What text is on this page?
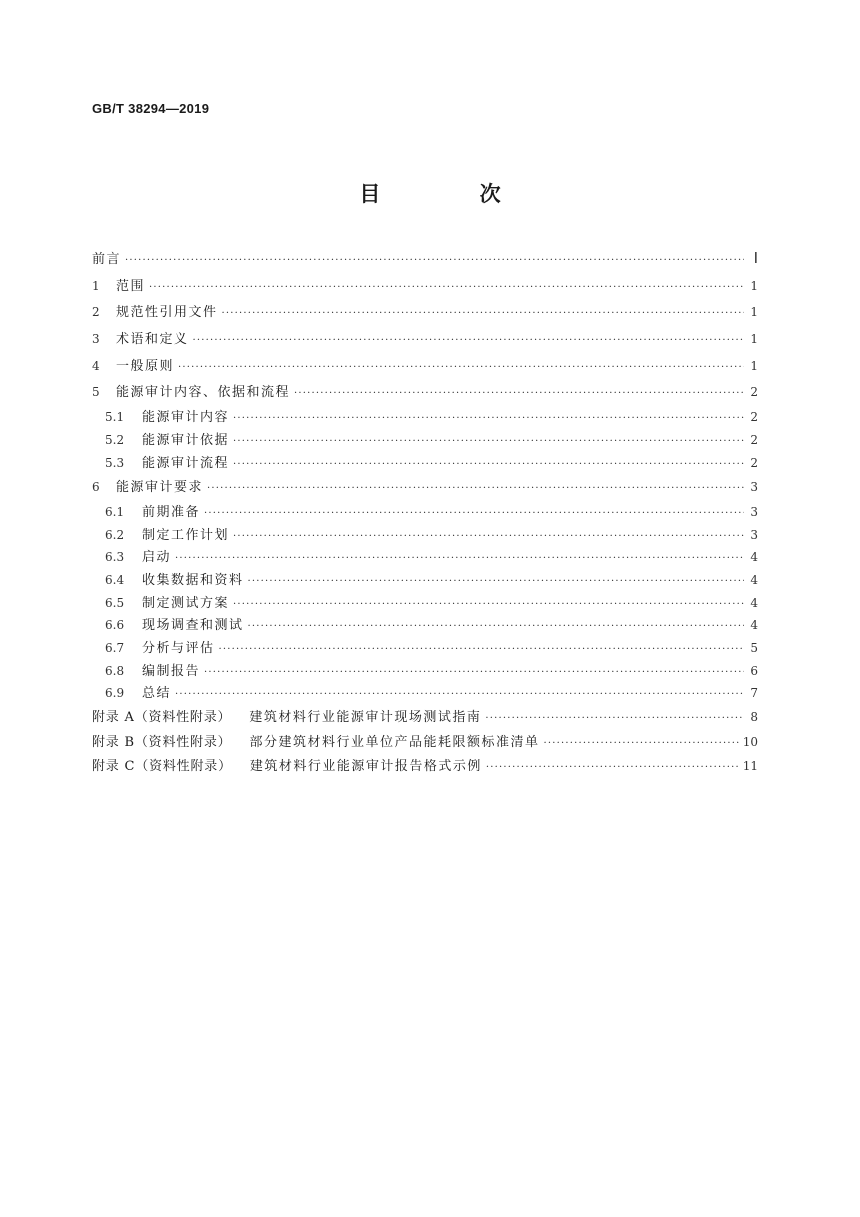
GB/T 38294—2019
目 次
前言 ·····	Ⅰ
1	范围 ·····	1
2	规范性引用文件 ·····	1
3	术语和定义 ·····	1
4	一般原则 ·····	1
5	能源审计内容、依据和流程 ·····	2
5.1	能源审计内容 ·····	2
5.2	能源审计依据 ·····	2
5.3	能源审计流程 ·····	2
6	能源审计要求 ·····	3
6.1	前期准备 ·····	3
6.2	制定工作计划 ·····	3
6.3	启动 ·····	4
6.4	收集数据和资料 ·····	4
6.5	制定测试方案 ·····	4
6.6	现场调查和测试 ·····	4
6.7	分析与评估 ·····	5
6.8	编制报告 ·····	6
6.9	总结 ·····	7
附录 A（资料性附录）	建筑材料行业能源审计现场测试指南 ·····	8
附录 B（资料性附录）	部分建筑材料行业单位产品能耗限额标准清单 ·····	10
附录 C（资料性附录）	建筑材料行业能源审计报告格式示例 ·····	11
